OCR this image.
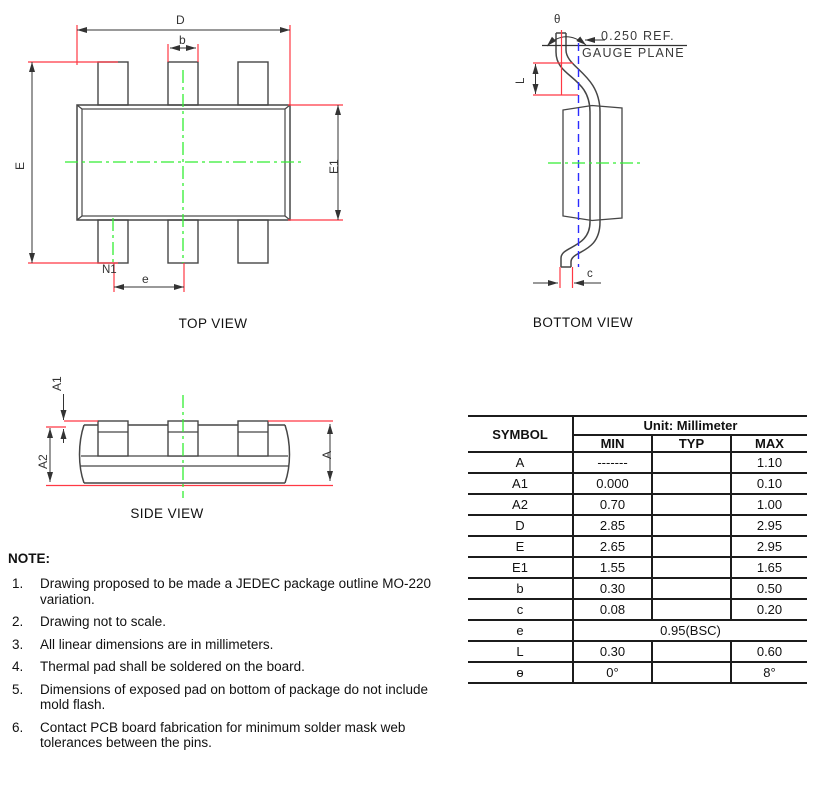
D
b
E	E1
N1
e
TOP VIEW
θ
0.250 REF.
GAUGE PLANE
L
c
BOTTOM VIEW
A1
A2	A
SIDE VIEW
SYMBOL	Unit: Millimeter		
	MIN	TYP	MAX
A	-------		1.10
A1	0.000		0.10
A2	0.70		1.00
D	2.85		2.95
E	2.65		2.95
E1	1.55		1.65
b	0.30		0.50
c	0.08		0.20
e	0.95(BSC)		
L	0.30		0.60
ɵ	0°		8°
NOTE:
1. Drawing proposed to be made a JEDEC package outline MO-220 variation.
2. Drawing not to scale.
3. All linear dimensions are in millimeters.
4. Thermal pad shall be soldered on the board.
5. Dimensions of exposed pad on bottom of package do not include mold flash.
6. Contact PCB board fabrication for minimum solder mask web tolerances between the pins.
